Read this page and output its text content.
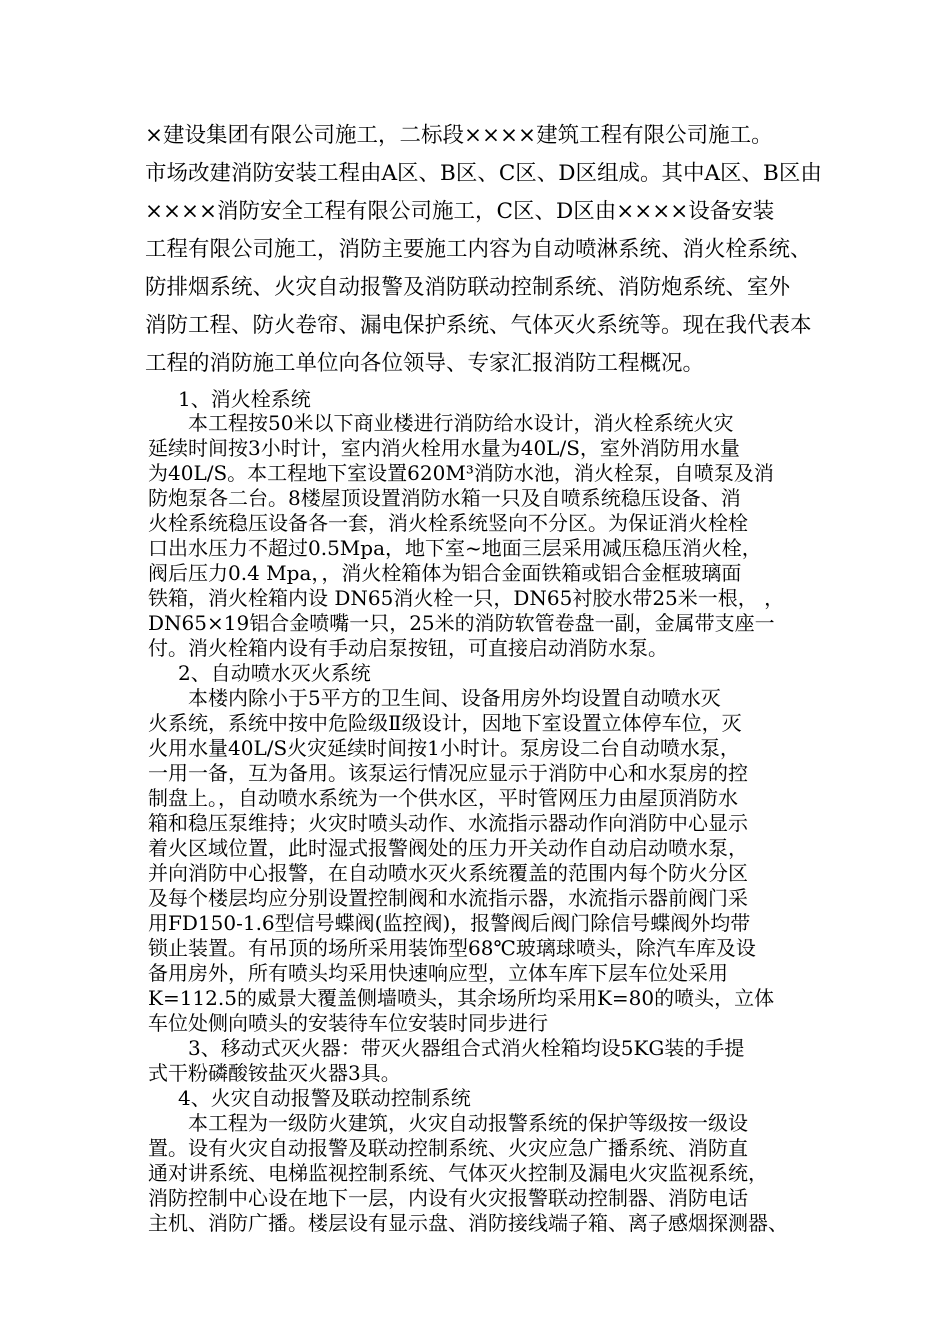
×建设集团有限公司施工，二标段××××建筑工程有限公司施工。
市场改建消防安装工程由A区、B区、C区、D区组成。其中A区、B区由
××××消防安全工程有限公司施工，C区、D区由××××设备安装
工程有限公司施工，消防主要施工内容为自动喷淋系统、消火栓系统、
防排烟系统、火灾自动报警及消防联动控制系统、消防炮系统、室外
消防工程、防火卷帘、漏电保护系统、气体灭火系统等。现在我代表本
工程的消防施工单位向各位领导、专家汇报消防工程概况。
1、消火栓系统
本工程按50米以下商业楼进行消防给水设计，消火栓系统火灾
延续时间按3小时计，室内消火栓用水量为40L/S，室外消防用水量
为40L/S。本工程地下室设置620M³消防水池，消火栓泵，自喷泵及消
防炮泵各二台。8楼屋顶设置消防水箱一只及自喷系统稳压设备、消
火栓系统稳压设备各一套，消火栓系统竖向不分区。为保证消火栓栓
口出水压力不超过0.5Mpa，地下室~地面三层采用减压稳压消火栓，
阀后压力0.4 Mpa，，消火栓箱体为铝合金面铁箱或铝合金框玻璃面
铁箱，消火栓箱内设 DN65消火栓一只，DN65衬胶水带25米一根， ，
DN65×19铝合金喷嘴一只，25米的消防软管卷盘一副，金属带支座一
付。消火栓箱内设有手动启泵按钮，可直接启动消防水泵。
2、自动喷水灭火系统
本楼内除小于5平方的卫生间、设备用房外均设置自动喷水灭
火系统，系统中按中危险级Ⅱ级设计，因地下室设置立体停车位，灭
火用水量40L/S火灾延续时间按1小时计。泵房设二台自动喷水泵，
一用一备，互为备用。该泵运行情况应显示于消防中心和水泵房的控
制盘上。，自动喷水系统为一个供水区，平时管网压力由屋顶消防水
箱和稳压泵维持；火灾时喷头动作、水流指示器动作向消防中心显示
着火区域位置，此时湿式报警阀处的压力开关动作自动启动喷水泵，
并向消防中心报警，在自动喷水灭火系统覆盖的范围内每个防火分区
及每个楼层均应分别设置控制阀和水流指示器，水流指示器前阀门采
用FD150-1.6型信号蝶阀(监控阀)，报警阀后阀门除信号蝶阀外均带
锁止装置。有吊顶的场所采用装饰型68℃玻璃球喷头，除汽车库及设
备用房外，所有喷头均采用快速响应型，立体车库下层车位处采用
K=112.5的威景大覆盖侧墙喷头，其余场所均采用K=80的喷头，立体
车位处侧向喷头的安装待车位安装时同步进行
3、移动式灭火器：带灭火器组合式消火栓箱均设5KG装的手提
式干粉磷酸铵盐灭火器3具。
4、火灾自动报警及联动控制系统
本工程为一级防火建筑，火灾自动报警系统的保护等级按一级设
置。设有火灾自动报警及联动控制系统、火灾应急广播系统、消防直
通对讲系统、电梯监视控制系统、气体灭火控制及漏电火灾监视系统，
消防控制中心设在地下一层，内设有火灾报警联动控制器、消防电话
主机、消防广播。楼层设有显示盘、消防接线端子箱、离子感烟探测器、
